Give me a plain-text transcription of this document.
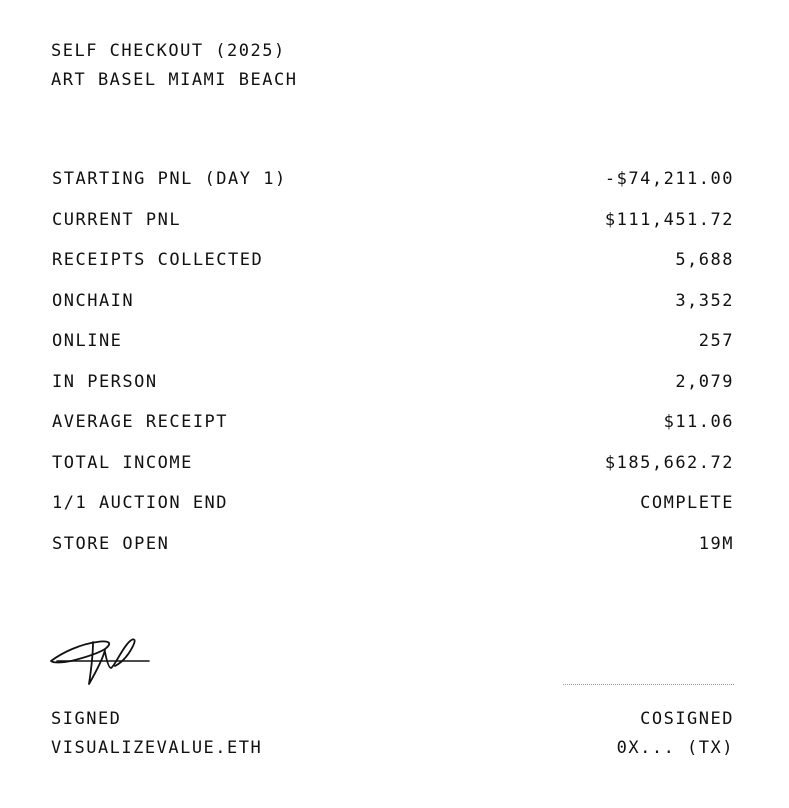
SELF CHECKOUT (2025)
ART BASEL MIAMI BEACH
STARTING PNL (DAY 1)	-$74,211.00
CURRENT PNL	$111,451.72
RECEIPTS COLLECTED	5,688
ONCHAIN	3,352
ONLINE	257
IN PERSON	2,079
AVERAGE RECEIPT	$11.06
TOTAL INCOME	$185,662.72
1/1 AUCTION END	COMPLETE
STORE OPEN	19M
SIGNED
VISUALIZEVALUE.ETH
COSIGNED
0X... (TX)
